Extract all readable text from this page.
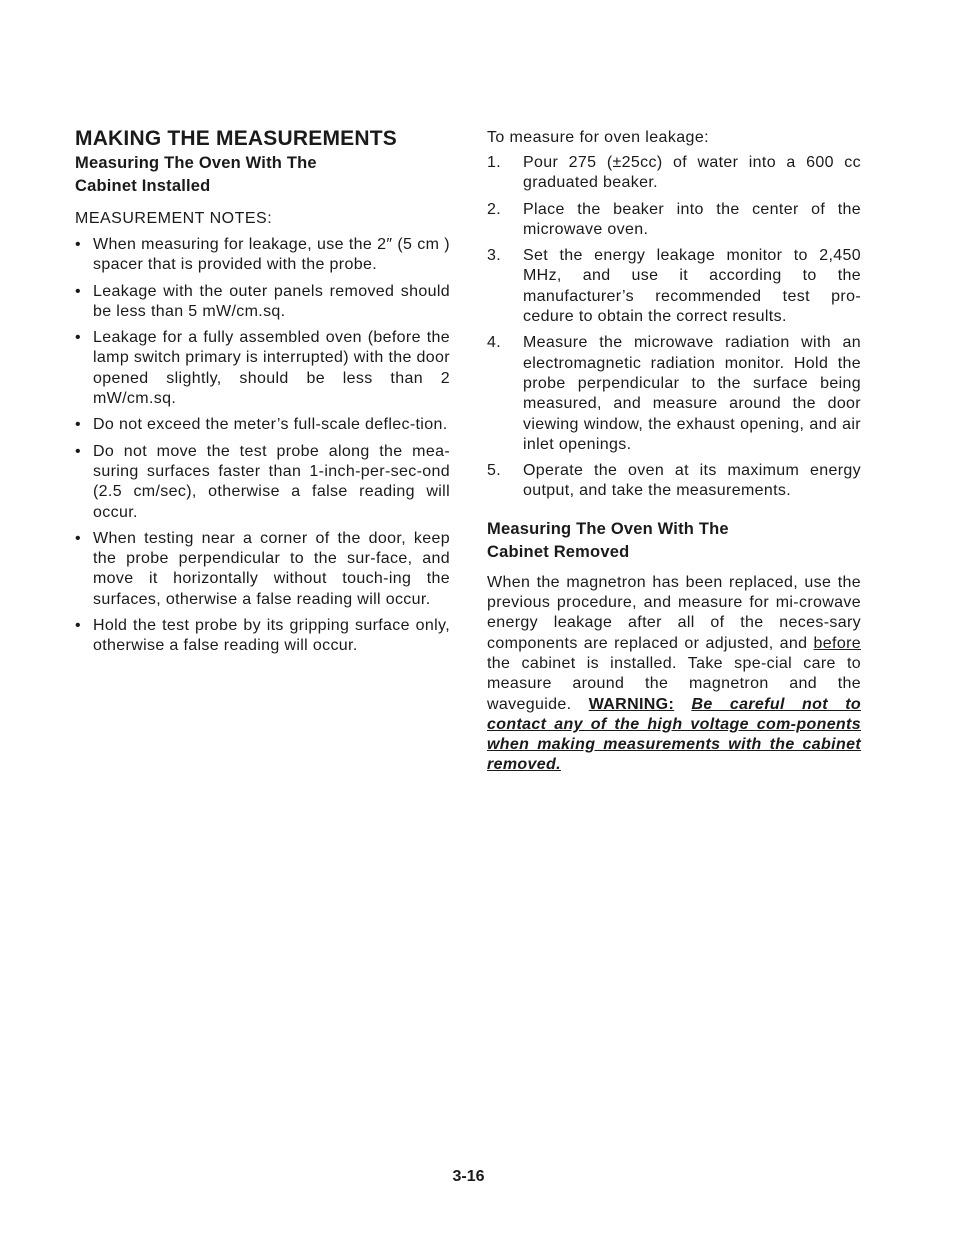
MAKING THE MEASUREMENTS
Measuring The Oven With The
Cabinet Installed
MEASUREMENT NOTES:
• When measuring for leakage, use the 2″ (5 cm ) spacer that is provided with the probe.
• Leakage with the outer panels removed should be less than 5 mW/cm.sq.
• Leakage for a fully assembled oven (before the lamp switch primary is interrupted) with the door opened slightly, should be less than 2 mW/cm.sq.
• Do not exceed the meter’s full-scale deflec-tion.
• Do not move the test probe along the mea-suring surfaces faster than 1-inch-per-sec-ond (2.5 cm/sec), otherwise a false reading will occur.
• When testing near a corner of the door, keep the probe perpendicular to the sur-face, and move it horizontally without touch-ing the surfaces, otherwise a false reading will occur.
• Hold the test probe by its gripping surface only, otherwise a false reading will occur.
To measure for oven leakage:
1. Pour 275 (±25cc) of water into a 600 cc graduated beaker.
2. Place the beaker into the center of the microwave oven.
3. Set the energy leakage monitor to 2,450 MHz, and use it according to the manufacturer’s recommended test pro-cedure to obtain the correct results.
4. Measure the microwave radiation with an electromagnetic radiation monitor. Hold the probe perpendicular to the surface being measured, and measure around the door viewing window, the exhaust opening, and air inlet openings.
5. Operate the oven at its maximum energy output, and take the measurements.
Measuring The Oven With The
Cabinet Removed

When the magnetron has been replaced, use the previous procedure, and measure for mi-crowave energy leakage after all of the neces-sary components are replaced or adjusted, and before the cabinet is installed. Take spe-cial care to measure around the magnetron and the waveguide. WARNING: Be careful not to contact any of the high voltage com-ponents when making measurements with the cabinet removed.

3-16
